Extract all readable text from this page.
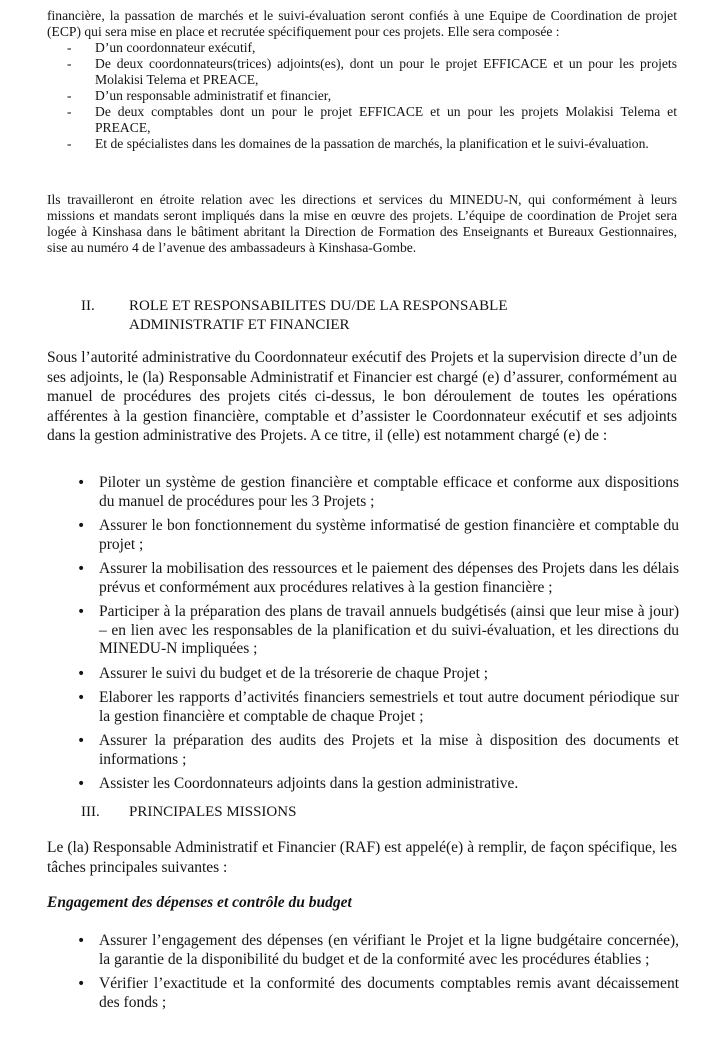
financière, la passation de marchés et le suivi-évaluation seront confiés à une Equipe de Coordination de projet (ECP) qui sera mise en place et recrutée spécifiquement pour ces projets. Elle sera composée :

- D’un coordonnateur exécutif,
- De deux coordonnateurs(trices) adjoints(es), dont un pour le projet EFFICACE et un pour les projets Molakisi Telema et PREACE,
- D’un responsable administratif et financier,
- De deux comptables dont un pour le projet EFFICACE et un pour les projets Molakisi Telema et PREACE,
- Et de spécialistes dans les domaines de la passation de marchés, la planification et le suivi-évaluation.

Ils travailleront en étroite relation avec les directions et services du MINEDU-N, qui conformément à leurs missions et mandats seront impliqués dans la mise en œuvre des projets. L’équipe de coordination de Projet sera logée à Kinshasa dans le bâtiment abritant la Direction de Formation des Enseignants et Bureaux Gestionnaires, sise au numéro 4 de l’avenue des ambassadeurs à Kinshasa-Gombe.

II. ROLE ET RESPONSABILITES DU/DE LA RESPONSABLE
ADMINISTRATIF ET FINANCIER

Sous l’autorité administrative du Coordonnateur exécutif des Projets et la supervision directe d’un de ses adjoints, le (la) Responsable Administratif et Financier est chargé (e) d’assurer, conformément au manuel de procédures des projets cités ci-dessus, le bon déroulement de toutes les opérations afférentes à la gestion financière, comptable et d’assister le Coordonnateur exécutif et ses adjoints dans la gestion administrative des Projets. A ce titre, il (elle) est notamment chargé (e) de :

• Piloter un système de gestion financière et comptable efficace et conforme aux dispositions du manuel de procédures pour les 3 Projets ;
• Assurer le bon fonctionnement du système informatisé de gestion financière et comptable du projet ;
• Assurer la mobilisation des ressources et le paiement des dépenses des Projets dans les délais prévus et conformément aux procédures relatives à la gestion financière ;
• Participer à la préparation des plans de travail annuels budgétisés (ainsi que leur mise à jour) – en lien avec les responsables de la planification et du suivi-évaluation, et les directions du MINEDU-N impliquées ;
• Assurer le suivi du budget et de la trésorerie de chaque Projet ;
• Elaborer les rapports d’activités financiers semestriels et tout autre document périodique sur la gestion financière et comptable de chaque Projet ;
• Assurer la préparation des audits des Projets et la mise à disposition des documents et informations ;
• Assister les Coordonnateurs adjoints dans la gestion administrative.
III. PRINCIPALES MISSIONS

Le (la) Responsable Administratif et Financier (RAF) est appelé(e) à remplir, de façon spécifique, les tâches principales suivantes :

Engagement des dépenses et contrôle du budget

• Assurer l’engagement des dépenses (en vérifiant le Projet et la ligne budgétaire concernée), la garantie de la disponibilité du budget et de la conformité avec les procédures établies ;
• Vérifier l’exactitude et la conformité des documents comptables remis avant décaissement des fonds ;
